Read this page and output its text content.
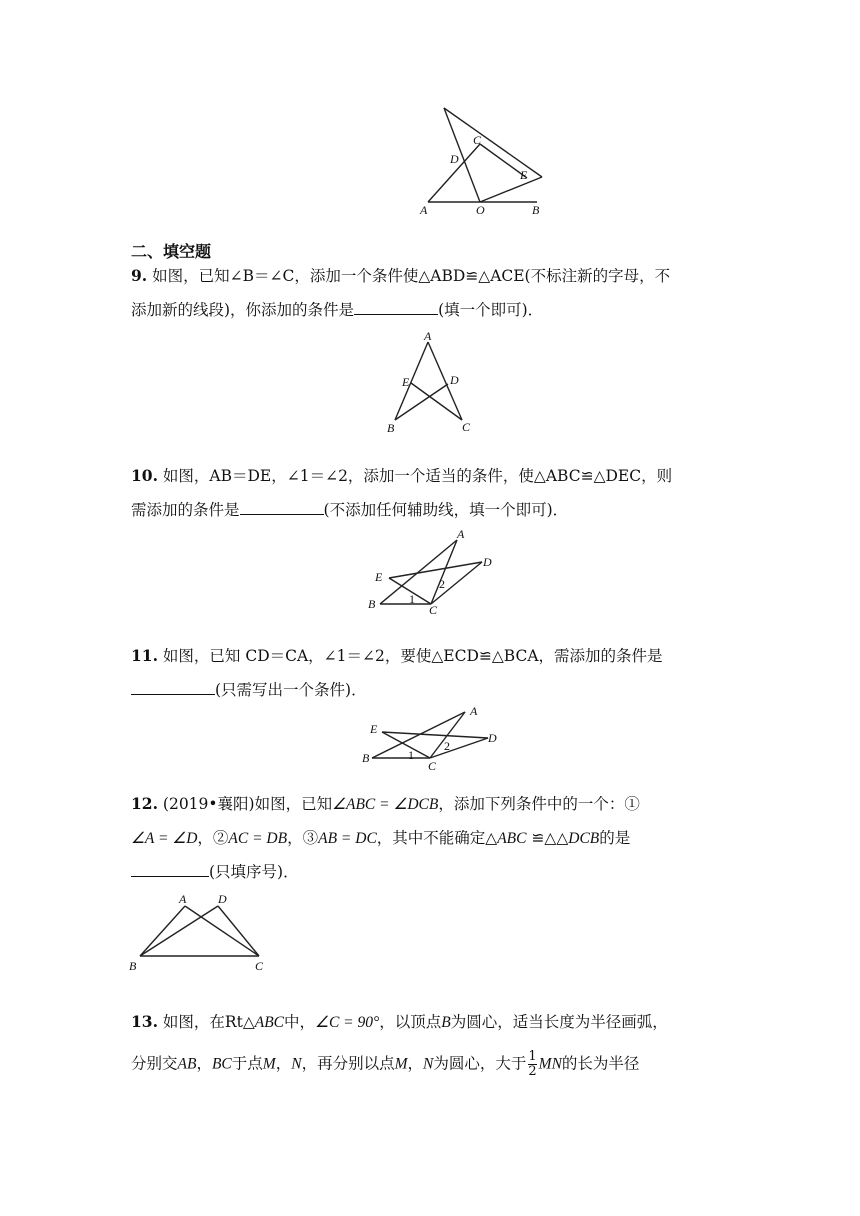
A	O	B
D
C
E
二、填空题
9. 如图，已知∠B＝∠C，添加一个条件使△ABD≌△ACE(不标注新的字母，不
添加新的线段)，你添加的条件是	(填一个即可)．
A
E	D
B	C
10. 如图，AB＝DE，∠1＝∠2，添加一个适当的条件，使△ABC≌△DEC，则
需添加的条件是	(不添加任何辅助线，填一个即可)．
A
E
D
B	C
1
2
11. 如图，已知 CD＝CA，∠1＝∠2，要使△ECD≌△BCA，需添加的条件是
(只需写出一个条件)．
A
E
D
B
C
1
2
12. (2019•襄阳)如图，已知∠ABC = ∠DCB，添加下列条件中的一个：①
∠A = ∠D，②AC = DB，③AB = DC，其中不能确定△ABC ≌△△DCB的是
(只填序号)．
A	D
B	C
13. 如图，在Rt△ABC中，∠C = 90°，以顶点B为圆心，适当长度为半径画弧，
分别交AB，BC于点M，N，再分别以点M，N为圆心，大于 $\frac{1}{2}$ MN的长为半径
